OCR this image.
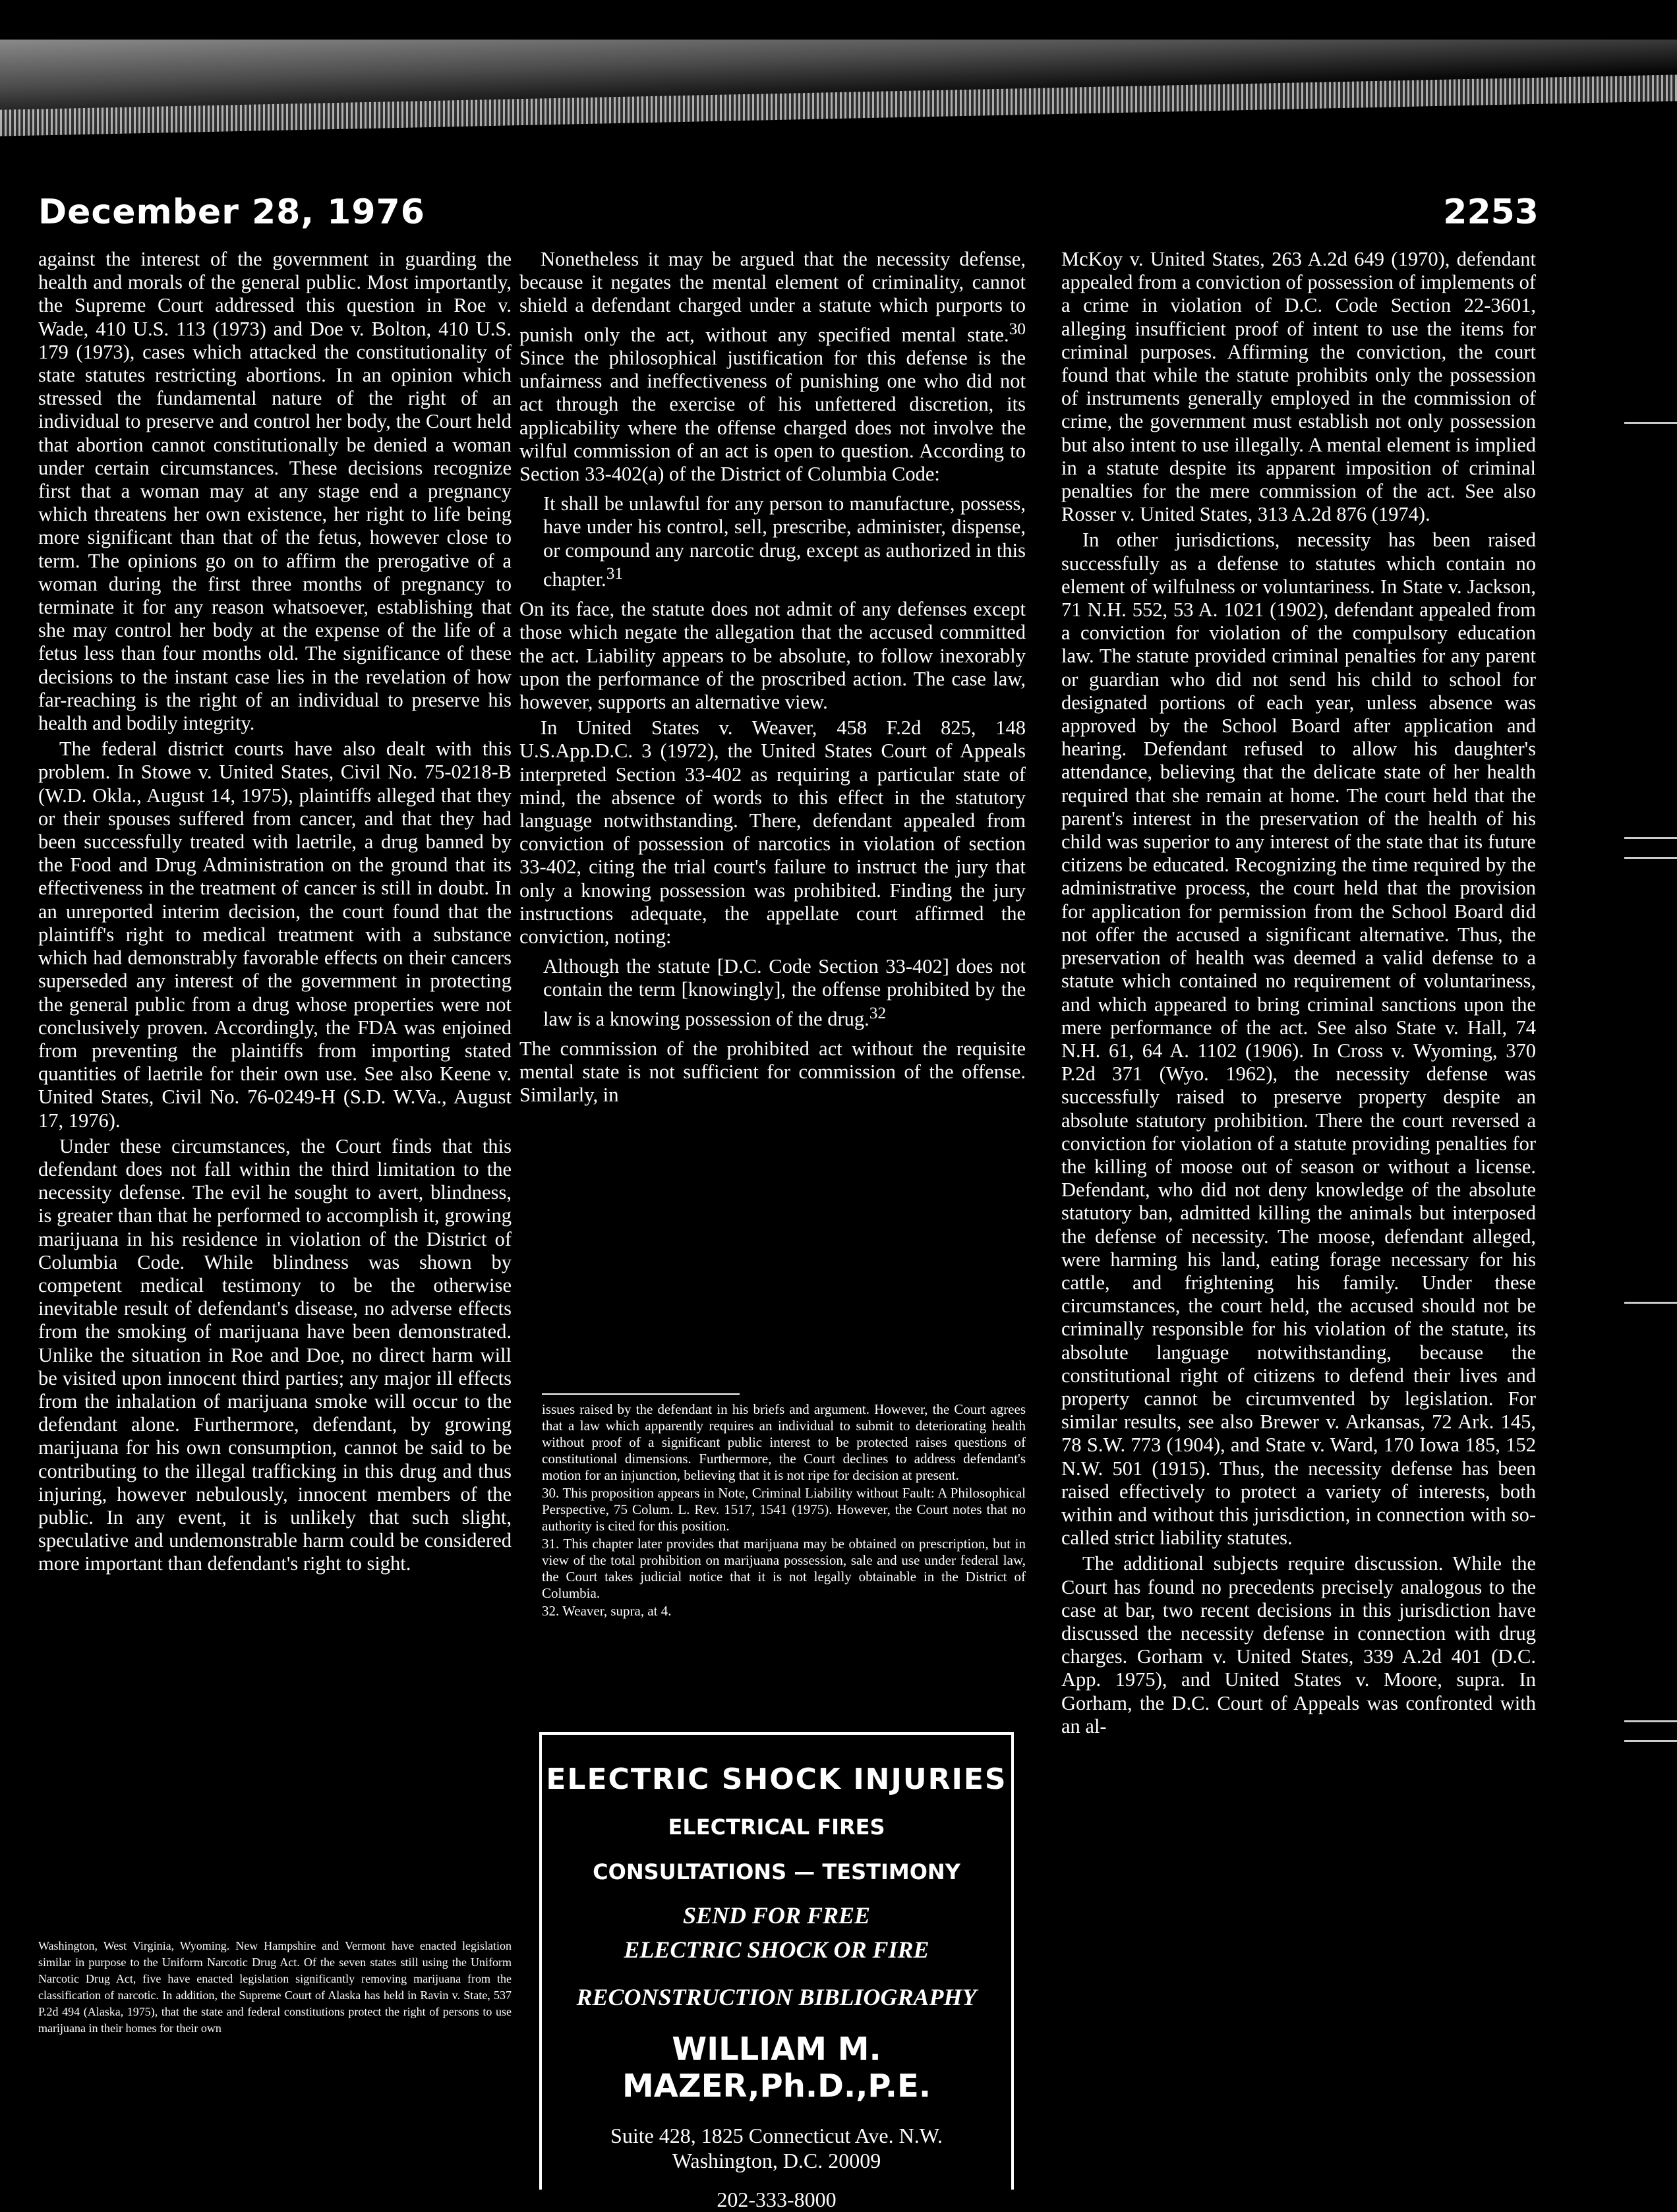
December 28, 1976	2253

against the interest of the government in guarding the health and morals of the general public. Most importantly, the Supreme Court addressed this question in Roe v. Wade, 410 U.S. 113 (1973) and Doe v. Bolton, 410 U.S. 179 (1973), cases which attacked the constitutionality of state statutes restricting abortions. In an opinion which stressed the fundamental nature of the right of an individual to preserve and control her body, the Court held that abortion cannot constitutionally be denied a woman under certain circumstances. These decisions recognize first that a woman may at any stage end a pregnancy which threatens her own existence, her right to life being more significant than that of the fetus, however close to term. The opinions go on to affirm the prerogative of a woman during the first three months of pregnancy to terminate it for any reason whatsoever, establishing that she may control her body at the expense of the life of a fetus less than four months old. The significance of these decisions to the instant case lies in the revelation of how far-reaching is the right of an individual to preserve his health and bodily integrity.

The federal district courts have also dealt with this problem. In Stowe v. United States, Civil No. 75-0218-B (W.D. Okla., August 14, 1975), plaintiffs alleged that they or their spouses suffered from cancer, and that they had been successfully treated with laetrile, a drug banned by the Food and Drug Administration on the ground that its effectiveness in the treatment of cancer is still in doubt. In an unreported interim decision, the court found that the plaintiff's right to medical treatment with a substance which had demonstrably favorable effects on their cancers superseded any interest of the government in protecting the general public from a drug whose properties were not conclusively proven. Accordingly, the FDA was enjoined from preventing the plaintiffs from importing stated quantities of laetrile for their own use. See also Keene v. United States, Civil No. 76-0249-H (S.D. W.Va., August 17, 1976).

Under these circumstances, the Court finds that this defendant does not fall within the third limitation to the necessity defense. The evil he sought to avert, blindness, is greater than that he performed to accomplish it, growing marijuana in his residence in violation of the District of Columbia Code. While blindness was shown by competent medical testimony to be the otherwise inevitable result of defendant's disease, no adverse effects from the smoking of marijuana have been demonstrated. Unlike the situation in Roe and Doe, no direct harm will be visited upon innocent third parties; any major ill effects from the inhalation of marijuana smoke will occur to the defendant alone. Furthermore, defendant, by growing marijuana for his own consumption, cannot be said to be contributing to the illegal trafficking in this drug and thus injuring, however nebulously, innocent members of the public. In any event, it is unlikely that such slight, speculative and undemonstrable harm could be considered more important than defendant's right to sight.

Washington, West Virginia, Wyoming. New Hampshire and Vermont have enacted legislation similar in purpose to the Uniform Narcotic Drug Act. Of the seven states still using the Uniform Narcotic Drug Act, five have enacted legislation significantly removing marijuana from the classification of narcotic. In addition, the Supreme Court of Alaska has held in Ravin v. State, 537 P.2d 494 (Alaska, 1975), that the state and federal constitutions protect the right of persons to use marijuana in their homes for their own

Nonetheless it may be argued that the necessity defense, because it negates the mental element of criminality, cannot shield a defendant charged under a statute which purports to punish only the act, without any specified mental state.$^{30}$ Since the philosophical justification for this defense is the unfairness and ineffectiveness of punishing one who did not act through the exercise of his unfettered discretion, its applicability where the offense charged does not involve the wilful commission of an act is open to question. According to Section 33-402(a) of the District of Columbia Code:

It shall be unlawful for any person to manufacture, possess, have under his control, sell, prescribe, administer, dispense, or compound any narcotic drug, except as authorized in this chapter.$^{31}$

On its face, the statute does not admit of any defenses except those which negate the allegation that the accused committed the act. Liability appears to be absolute, to follow inexorably upon the performance of the proscribed action. The case law, however, supports an alternative view.

In United States v. Weaver, 458 F.2d 825, 148 U.S.App.D.C. 3 (1972), the United States Court of Appeals interpreted Section 33-402 as requiring a particular state of mind, the absence of words to this effect in the statutory language notwithstanding. There, defendant appealed from conviction of possession of narcotics in violation of section 33-402, citing the trial court's failure to instruct the jury that only a knowing possession was prohibited. Finding the jury instructions adequate, the appellate court affirmed the conviction, noting:

Although the statute [D.C. Code Section 33-402] does not contain the term [knowingly], the offense prohibited by the law is a knowing possession of the drug.$^{32}$

The commission of the prohibited act without the requisite mental state is not sufficient for commission of the offense. Similarly, in

issues raised by the defendant in his briefs and argument. However, the Court agrees that a law which apparently requires an individual to submit to deteriorating health without proof of a significant public interest to be protected raises questions of constitutional dimensions. Furthermore, the Court declines to address defendant's motion for an injunction, believing that it is not ripe for decision at present.

30. This proposition appears in Note, Criminal Liability without Fault: A Philosophical Perspective, 75 Colum. L. Rev. 1517, 1541 (1975). However, the Court notes that no authority is cited for this position.

31. This chapter later provides that marijuana may be obtained on prescription, but in view of the total prohibition on marijuana possession, sale and use under federal law, the Court takes judicial notice that it is not legally obtainable in the District of Columbia.

32. Weaver, supra, at 4.

ELECTRIC SHOCK INJURIES
ELECTRICAL FIRES
CONSULTATIONS — TESTIMONY
SEND FOR FREE
ELECTRIC SHOCK OR FIRE
RECONSTRUCTION BIBLIOGRAPHY
WILLIAM M. MAZER,Ph.D.,P.E.
Suite 428, 1825 Connecticut Ave. N.W.
Washington, D.C. 20009
202-333-8000

McKoy v. United States, 263 A.2d 649 (1970), defendant appealed from a conviction of possession of implements of a crime in violation of D.C. Code Section 22-3601, alleging insufficient proof of intent to use the items for criminal purposes. Affirming the conviction, the court found that while the statute prohibits only the possession of instruments generally employed in the commission of crime, the government must establish not only possession but also intent to use illegally. A mental element is implied in a statute despite its apparent imposition of criminal penalties for the mere commission of the act. See also Rosser v. United States, 313 A.2d 876 (1974).

In other jurisdictions, necessity has been raised successfully as a defense to statutes which contain no element of wilfulness or voluntariness. In State v. Jackson, 71 N.H. 552, 53 A. 1021 (1902), defendant appealed from a conviction for violation of the compulsory education law. The statute provided criminal penalties for any parent or guardian who did not send his child to school for designated portions of each year, unless absence was approved by the School Board after application and hearing. Defendant refused to allow his daughter's attendance, believing that the delicate state of her health required that she remain at home. The court held that the parent's interest in the preservation of the health of his child was superior to any interest of the state that its future citizens be educated. Recognizing the time required by the administrative process, the court held that the provision for application for permission from the School Board did not offer the accused a significant alternative. Thus, the preservation of health was deemed a valid defense to a statute which contained no requirement of voluntariness, and which appeared to bring criminal sanctions upon the mere performance of the act. See also State v. Hall, 74 N.H. 61, 64 A. 1102 (1906). In Cross v. Wyoming, 370 P.2d 371 (Wyo. 1962), the necessity defense was successfully raised to preserve property despite an absolute statutory prohibition. There the court reversed a conviction for violation of a statute providing penalties for the killing of moose out of season or without a license. Defendant, who did not deny knowledge of the absolute statutory ban, admitted killing the animals but interposed the defense of necessity. The moose, defendant alleged, were harming his land, eating forage necessary for his cattle, and frightening his family. Under these circumstances, the court held, the accused should not be criminally responsible for his violation of the statute, its absolute language notwithstanding, because the constitutional right of citizens to defend their lives and property cannot be circumvented by legislation. For similar results, see also Brewer v. Arkansas, 72 Ark. 145, 78 S.W. 773 (1904), and State v. Ward, 170 Iowa 185, 152 N.W. 501 (1915). Thus, the necessity defense has been raised effectively to protect a variety of interests, both within and without this jurisdiction, in connection with so-called strict liability statutes.

The additional subjects require discussion. While the Court has found no precedents precisely analogous to the case at bar, two recent decisions in this jurisdiction have discussed the necessity defense in connection with drug charges. Gorham v. United States, 339 A.2d 401 (D.C. App. 1975), and United States v. Moore, supra. In Gorham, the D.C. Court of Appeals was confronted with an al-
